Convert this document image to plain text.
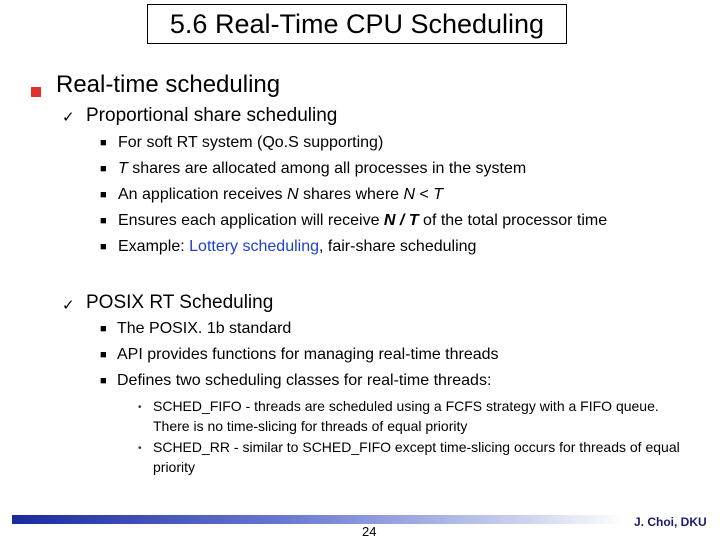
5.6 Real-Time CPU Scheduling
Real-time scheduling
✓ Proportional share scheduling
■ For soft RT system (Qo.S supporting)
■ T shares are allocated among all processes in the system
■ An application receives N shares where N < T
■ Ensures each application will receive N / T of the total processor time
■ Example: Lottery scheduling, fair-share scheduling
✓ POSIX RT Scheduling
■ The POSIX. 1b standard
■ API provides functions for managing real-time threads
■ Defines two scheduling classes for real-time threads:
• SCHED_FIFO - threads are scheduled using a FCFS strategy with a FIFO queue. There is no time-slicing for threads of equal priority
• SCHED_RR - similar to SCHED_FIFO except time-slicing occurs for threads of equal priority
24
J. Choi, DKU
